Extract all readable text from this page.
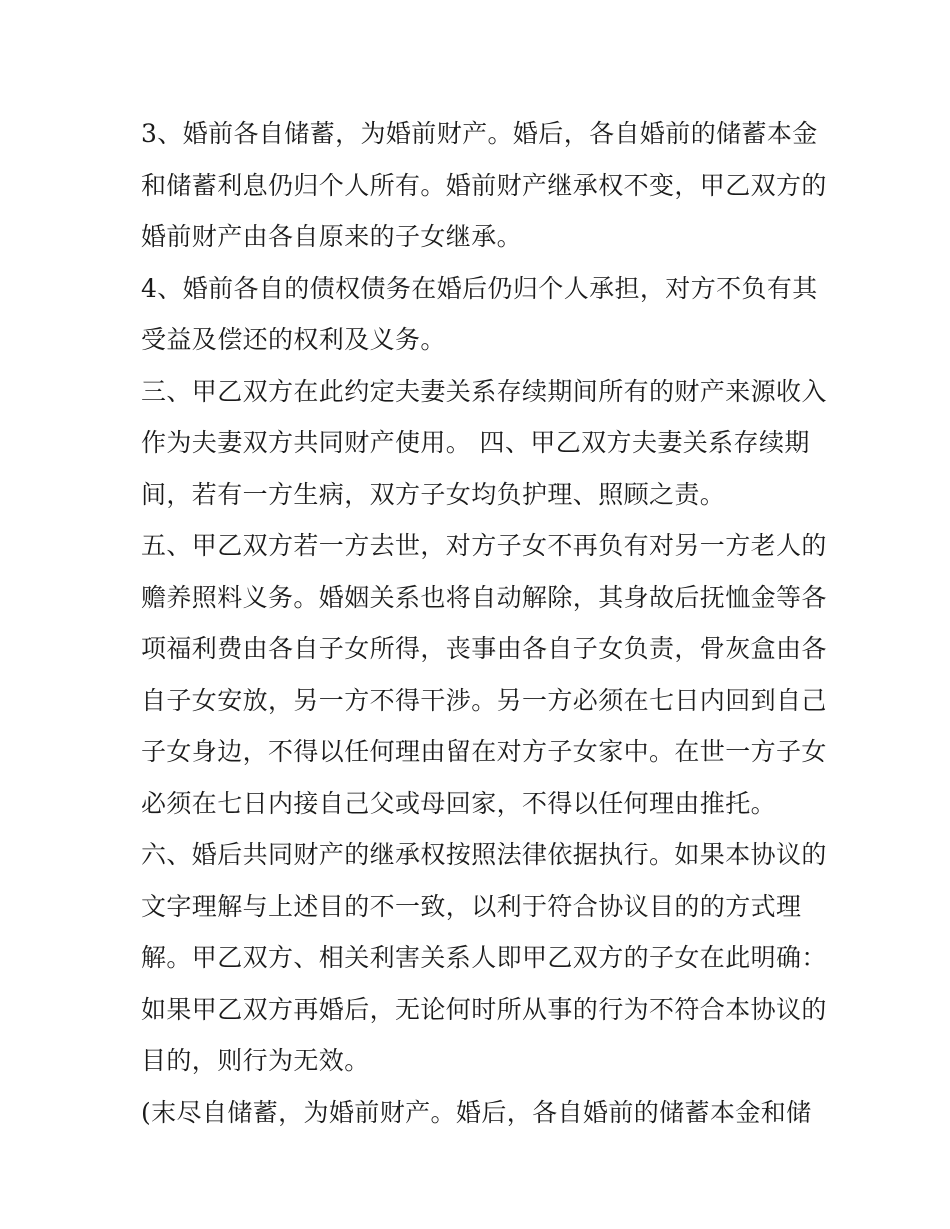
3、婚前各自储蓄，为婚前财产。婚后，各自婚前的储蓄本金
和储蓄利息仍归个人所有。婚前财产继承权不变，甲乙双方的
婚前财产由各自原来的子女继承。
4、婚前各自的债权债务在婚后仍归个人承担，对方不负有其
受益及偿还的权利及义务。
三、甲乙双方在此约定夫妻关系存续期间所有的财产来源收入
作为夫妻双方共同财产使用。 四、甲乙双方夫妻关系存续期
间，若有一方生病，双方子女均负护理、照顾之责。
五、甲乙双方若一方去世，对方子女不再负有对另一方老人的
赡养照料义务。婚姻关系也将自动解除，其身故后抚恤金等各
项福利费由各自子女所得，丧事由各自子女负责，骨灰盒由各
自子女安放，另一方不得干涉。另一方必须在七日内回到自己
子女身边，不得以任何理由留在对方子女家中。在世一方子女
必须在七日内接自己父或母回家，不得以任何理由推托。
六、婚后共同财产的继承权按照法律依据执行。如果本协议的
文字理解与上述目的不一致，以利于符合协议目的的方式理
解。甲乙双方、相关利害关系人即甲乙双方的子女在此明确：
如果甲乙双方再婚后，无论何时所从事的行为不符合本协议的
目的，则行为无效。
(末尽自储蓄，为婚前财产。婚后，各自婚前的储蓄本金和储
